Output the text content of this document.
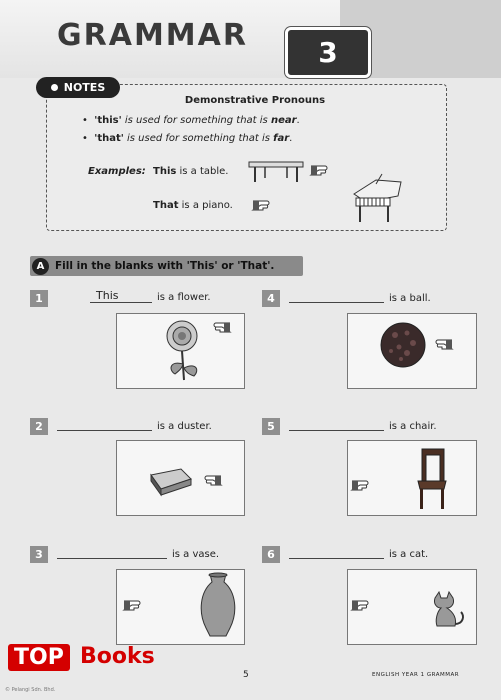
GRAMMAR	3
NOTES
Demonstrative Pronouns
•  'this' is used for something that is near.
•  'that' is used for something that is far.
Examples: This is a table.
That is a piano.
A	Fill in the blanks with 'This' or 'That'.
1	This	is a flower.
2	is a duster.
3	is a vase.
4	is a ball.
5	is a chair.
6	is a cat.
TOP Books
5	ENGLISH YEAR 1 GRAMMAR
© Pelangi Sdn. Bhd.
